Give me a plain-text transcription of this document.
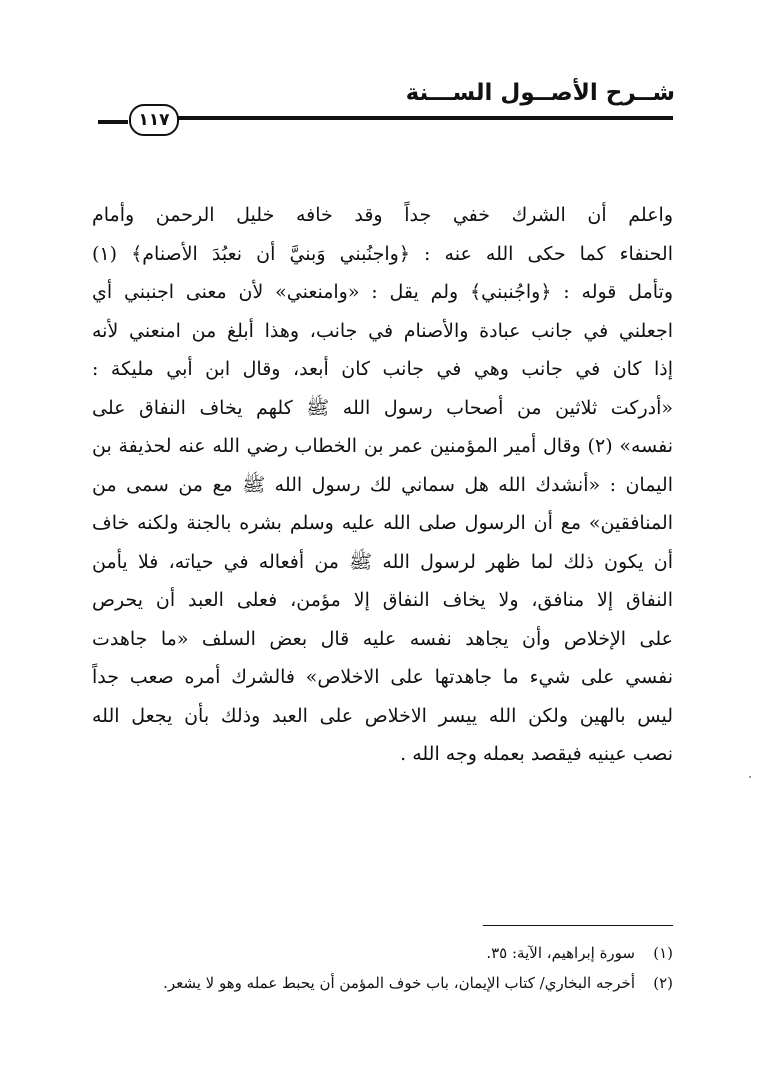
شــرح الأصــول الســـنة
١١٧
واعلم أن الشرك خفي جداً وقد خافه خليل الرحمن وأمام
الحنفاء كما حكى الله عنه : ﴿واجنُبني وَبنيَّ أن نعبُدَ الأصنام﴾ (١)
وتأمل قوله : ﴿واجُنبني﴾ ولم يقل : «وامنعني» لأن معنى اجنبني أي
اجعلني في جانب عبادة والأصنام في جانب، وهذا أبلغ من امنعني لأنه
إذا كان في جانب وهي في جانب كان أبعد، وقال ابن أبي مليكة :
«أدركت ثلاثين من أصحاب رسول الله ﷺ كلهم يخاف النفاق على
نفسه» (٢) وقال أمير المؤمنين عمر بن الخطاب رضي الله عنه لحذيفة بن
اليمان : «أنشدك الله هل سماني لك رسول الله ﷺ مع من سمى من
المنافقين» مع أن الرسول صلى الله عليه وسلم بشره بالجنة ولكنه خاف
أن يكون ذلك لما ظهر لرسول الله ﷺ من أفعاله في حياته، فلا يأمن
النفاق إلا منافق، ولا يخاف النفاق إلا مؤمن، فعلى العبد أن يحرص
على الإخلاص وأن يجاهد نفسه عليه قال بعض السلف «ما جاهدت
نفسي على شيء ما جاهدتها على الاخلاص» فالشرك أمره صعب جداً
ليس بالهين ولكن الله ييسر الاخلاص على العبد وذلك بأن يجعل الله
نصب عينيه فيقصد بعمله وجه الله .
(١)
سورة إبراهيم، الآية: ٣٥.
(٢)
أخرجه البخاري/ كتاب الإيمان، باب خوف المؤمن أن يحبط عمله وهو لا يشعر.
